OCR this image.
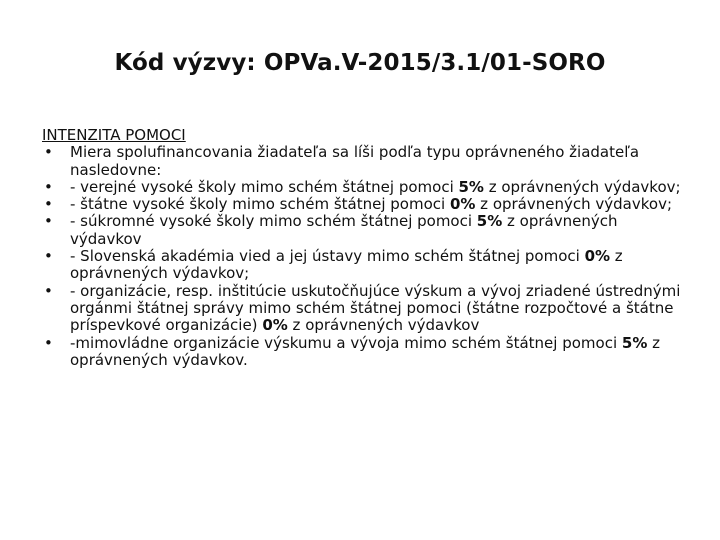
Kód výzvy: OPVa.V-2015/3.1/01-SORO

INTENZITA POMOCI

• Miera spolufinancovania žiadateľa sa líši podľa typu oprávneného žiadateľa nasledovne:
• - verejné vysoké školy mimo schém štátnej pomoci 5% z oprávnených výdavkov;
• - štátne vysoké školy mimo schém štátnej pomoci 0% z oprávnených výdavkov;
• - súkromné vysoké školy mimo schém štátnej pomoci 5% z oprávnených výdavkov
• - Slovenská akadémia vied a jej ústavy mimo schém štátnej pomoci 0% z oprávnených výdavkov;
• - organizácie, resp. inštitúcie uskutočňujúce výskum a vývoj zriadené ústrednými orgánmi štátnej správy mimo schém štátnej pomoci (štátne rozpočtové a štátne príspevkové organizácie) 0% z oprávnených výdavkov
• -mimovládne organizácie výskumu a vývoja mimo schém štátnej pomoci 5% z oprávnených výdavkov.
